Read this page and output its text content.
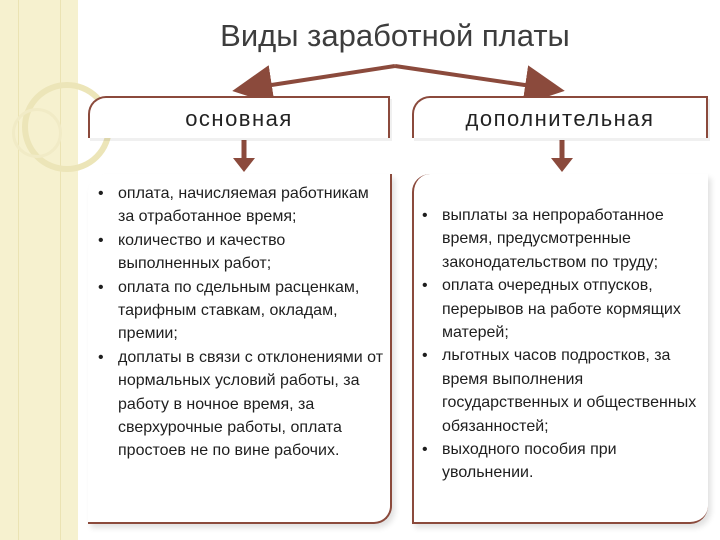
Виды заработной платы
основная	дополнительная
• оплата, начисляемая работникам за отработанное время;
• количество и качество выполненных работ;
• оплата по сдельным расценкам, тарифным ставкам, окладам, премии;
• доплаты в связи с отклонениями от нормальных условий работы, за работу в ночное время, за сверхурочные работы, оплата простоев не по вине рабочих.
• выплаты за непроработанное время, предусмотренные законодательством по труду;
• оплата очередных отпусков, перерывов на работе кормящих матерей;
• льготных часов подростков, за время выполнения государственных и общественных обязанностей;
• выходного пособия при увольнении.
